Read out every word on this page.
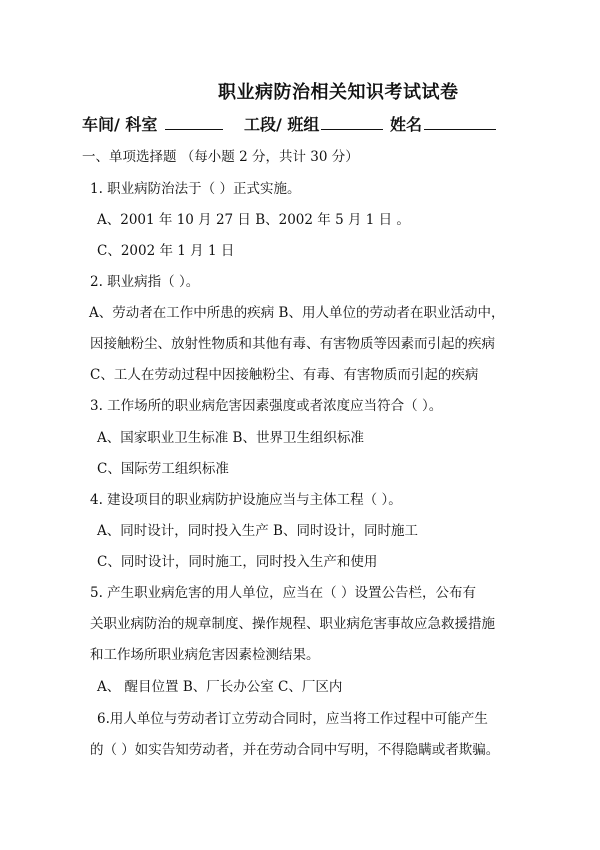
职业病防治相关知识考试试卷
车间/ 科室	工段/ 班组	姓名
一、单项选择题 （每小题 2 分，共计 30 分）
1. 职业病防治法于（ ）正式实施。
A、2001 年 10 月 27 日 B、2002 年 5 月 1 日 。
C、2002 年 1 月 1 日
2. 职业病指（ ）。
A、劳动者在工作中所患的疾病 B、用人单位的劳动者在职业活动中，
因接触粉尘、放射性物质和其他有毒、有害物质等因素而引起的疾病
C、工人在劳动过程中因接触粉尘、有毒、有害物质而引起的疾病
3. 工作场所的职业病危害因素强度或者浓度应当符合（ ）。
A、国家职业卫生标准 B、世界卫生组织标准
C、国际劳工组织标准
4. 建设项目的职业病防护设施应当与主体工程（ ）。
A、同时设计，同时投入生产 B、同时设计，同时施工
C、同时设计，同时施工，同时投入生产和使用
5. 产生职业病危害的用人单位，应当在（ ）设置公告栏，公布有
关职业病防治的规章制度、操作规程、职业病危害事故应急救援措施
和工作场所职业病危害因素检测结果。
A、 醒目位置 B、厂长办公室 C、厂区内
6.用人单位与劳动者订立劳动合同时，应当将工作过程中可能产生
的（ ）如实告知劳动者，并在劳动合同中写明，不得隐瞒或者欺骗。
